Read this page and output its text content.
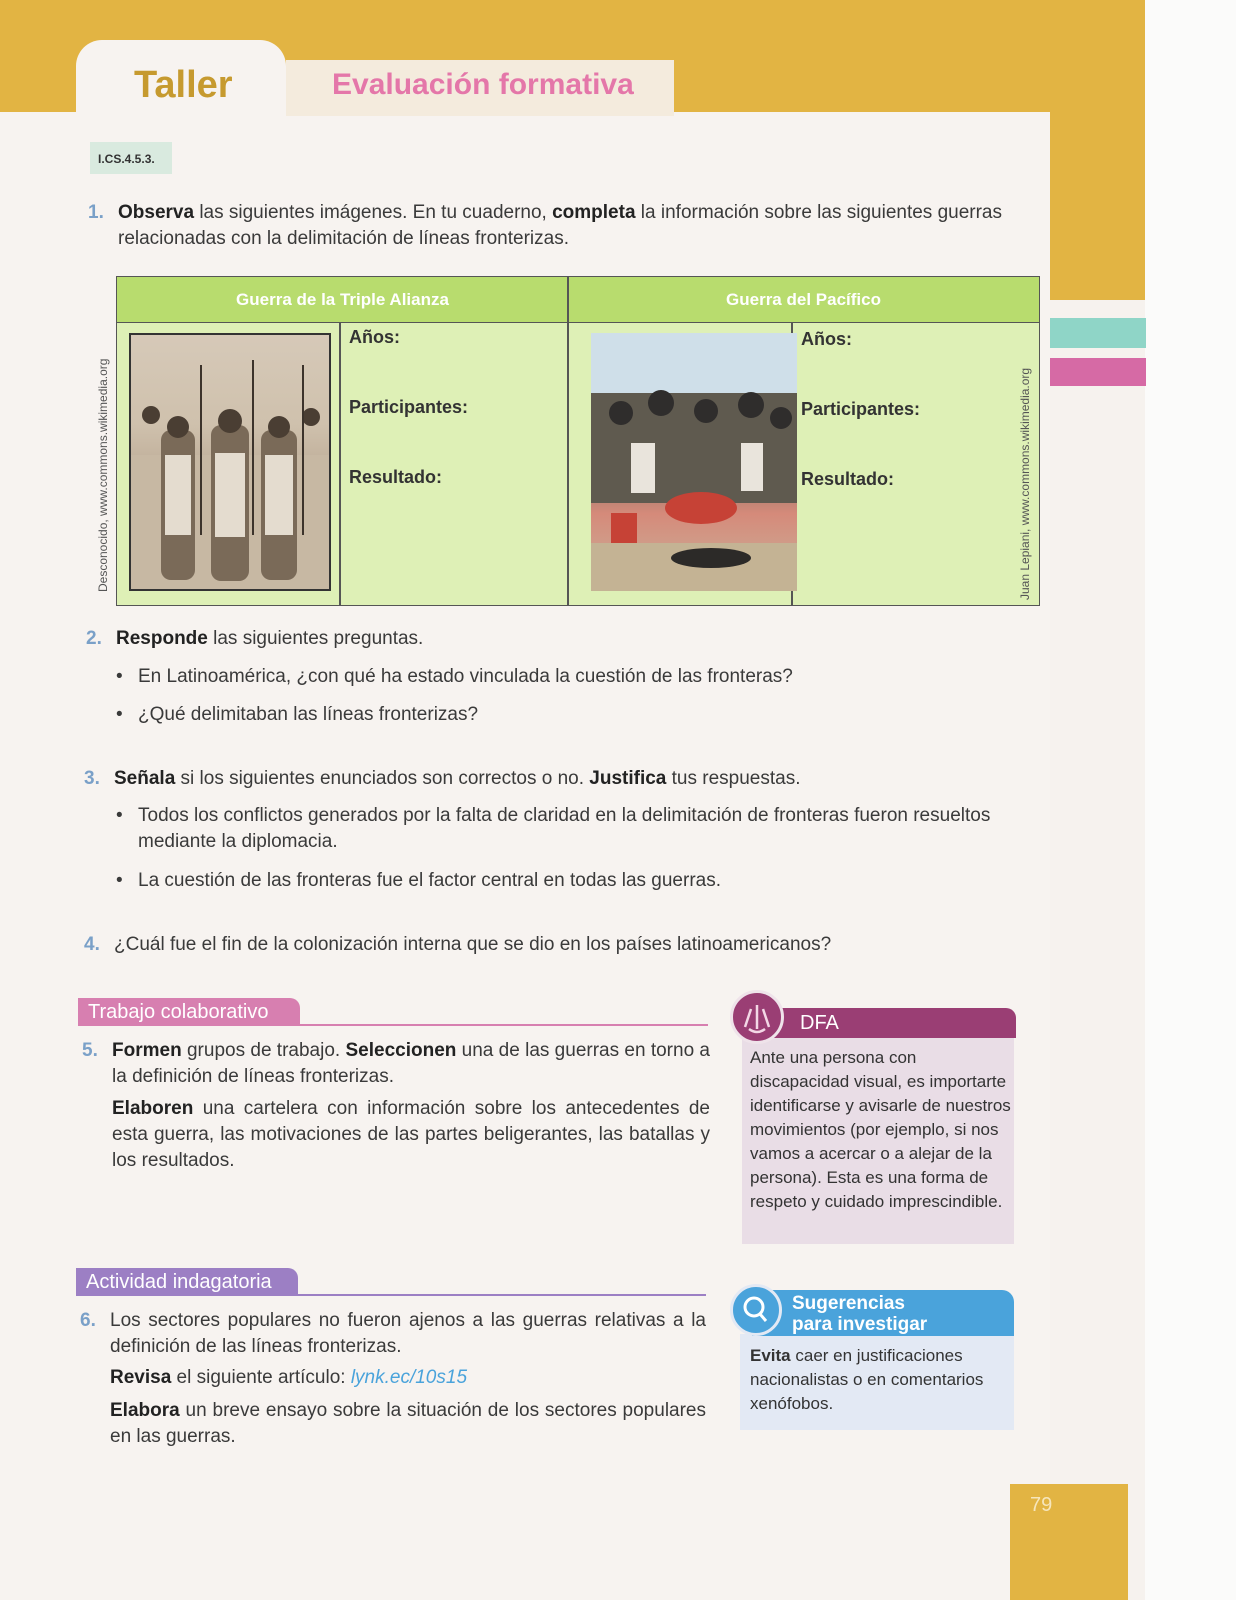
Evaluación formativa
Taller
I.CS.4.5.3.
1. Observa las siguientes imágenes. En tu cuaderno, completa la información sobre las siguientes guerras relacionadas con la delimitación de líneas fronterizas.
Guerra de la Triple Alianza	Guerra del Pacífico
Años:
Participantes:
Resultado:
Años:
Participantes:
Resultado:
Desconocido, www.commons.wikimedia.org	Juan Lepiani, www.commons.wikimedia.org
2. Responde las siguientes preguntas.
• En Latinoamérica, ¿con qué ha estado vinculada la cuestión de las fronteras?
• ¿Qué delimitaban las líneas fronterizas?
3. Señala si los siguientes enunciados son correctos o no. Justifica tus respuestas.
• Todos los conflictos generados por la falta de claridad en la delimitación de fronteras fueron resueltos mediante la diplomacia.
• La cuestión de las fronteras fue el factor central en todas las guerras.
4. ¿Cuál fue el fin de la colonización interna que se dio en los países latinoamericanos?
Trabajo colaborativo
5. Formen grupos de trabajo. Seleccionen una de las guerras en torno a la definición de líneas fronterizas.
Elaboren una cartelera con información sobre los antecedentes de esta guerra, las motivaciones de las partes beligerantes, las batallas y los resultados.
DFA
Ante una persona con discapacidad visual, es importarte identificarse y avisarle de nuestros movimientos (por ejemplo, si nos vamos a acercar o a alejar de la persona). Esta es una forma de respeto y cuidado imprescindible.
Actividad indagatoria
6. Los sectores populares no fueron ajenos a las guerras relativas a la definición de las líneas fronterizas.
Revisa el siguiente artículo: lynk.ec/10s15
Elabora un breve ensayo sobre la situación de los sectores populares en las guerras.
Sugerencias
para investigar
Evita caer en justificaciones nacionalistas o en comentarios xenófobos.
79
